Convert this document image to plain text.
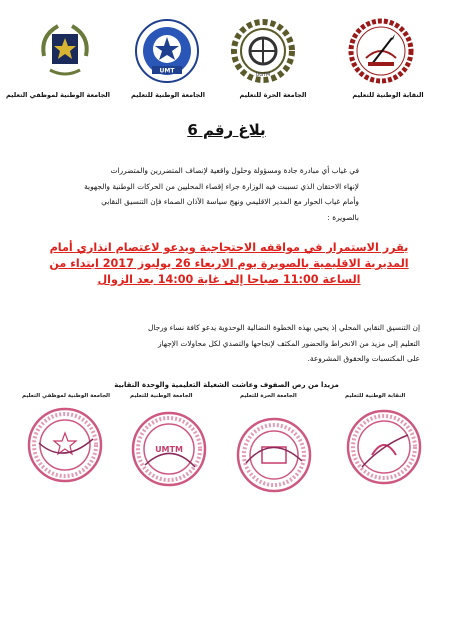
UGTM
UMT
النقابة الوطنية للتعليم
الجامعة الحرة للتعليم
الجامعة الوطنية للتعليم
الجامعة الوطنية لموظفي التعليم
بلاغ رقم 6
في غياب أي مبادرة جادة ومسؤولة وحلول واقعية لإنصاف المتضررين والمتضررات
لإنهاء الاحتقان الذي تسببت فيه الوزارة جراء إقصاء المحليين من الحركات الوطنية والجهوية
وأمام غياب الحوار مع المدير الاقليمي ونهج سياسة الآذان الصماء فإن التنسيق النقابي
بالصويرة :
يقرر الاستمرار في مواقفه الاحتجاجية ويدعو لاعتصام انذاري أمام
المديرية الاقليمية بالصويرة يوم الاربعاء 26 يوليوز 2017 ابتداء من
الساعة 11:00 صباحا إلى غاية 14:00 بعد الزوال
إن التنسيق النقابي المحلي إذ يحيي بهذه الخطوة النضالية الوحدوية يدعو كافة نساء ورجال
التعليم إلى مزيد من الانخراط والحضور المكثف لإنجاحها والتصدي لكل محاولات الإجهاز
على المكتسبات والحقوق المشروعة.
مزيدا من رص الصفوف وعاشت الشغيلة التعليمية والوحدة النقابية
النقابة الوطنية للتعليم
الجامعة الحرة للتعليم
الجامعة الوطنية للتعليم
الجامعة الوطنية لموظفي التعليم
UMTM
